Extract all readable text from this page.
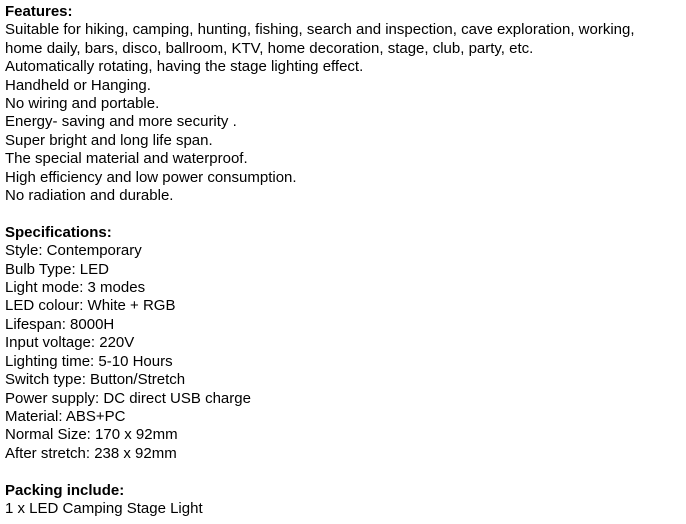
Features:
Suitable for hiking, camping, hunting, fishing, search and inspection, cave exploration, working,
home daily, bars, disco, ballroom, KTV, home decoration, stage, club, party, etc.
Automatically rotating, having the stage lighting effect.
Handheld or Hanging.
No wiring and portable.
Energy- saving and more security .
Super bright and long life span.
The special material and waterproof.
High efficiency and low power consumption.
No radiation and durable.
Specifications:
Style: Contemporary
Bulb Type: LED
Light mode: 3 modes
LED colour: White + RGB
Lifespan: 8000H
Input voltage: 220V
Lighting time: 5-10 Hours
Switch type: Button/Stretch
Power supply: DC direct USB charge
Material: ABS+PC
Normal Size: 170 x 92mm
After stretch: 238 x 92mm
Packing include:
1 x LED Camping Stage Light
